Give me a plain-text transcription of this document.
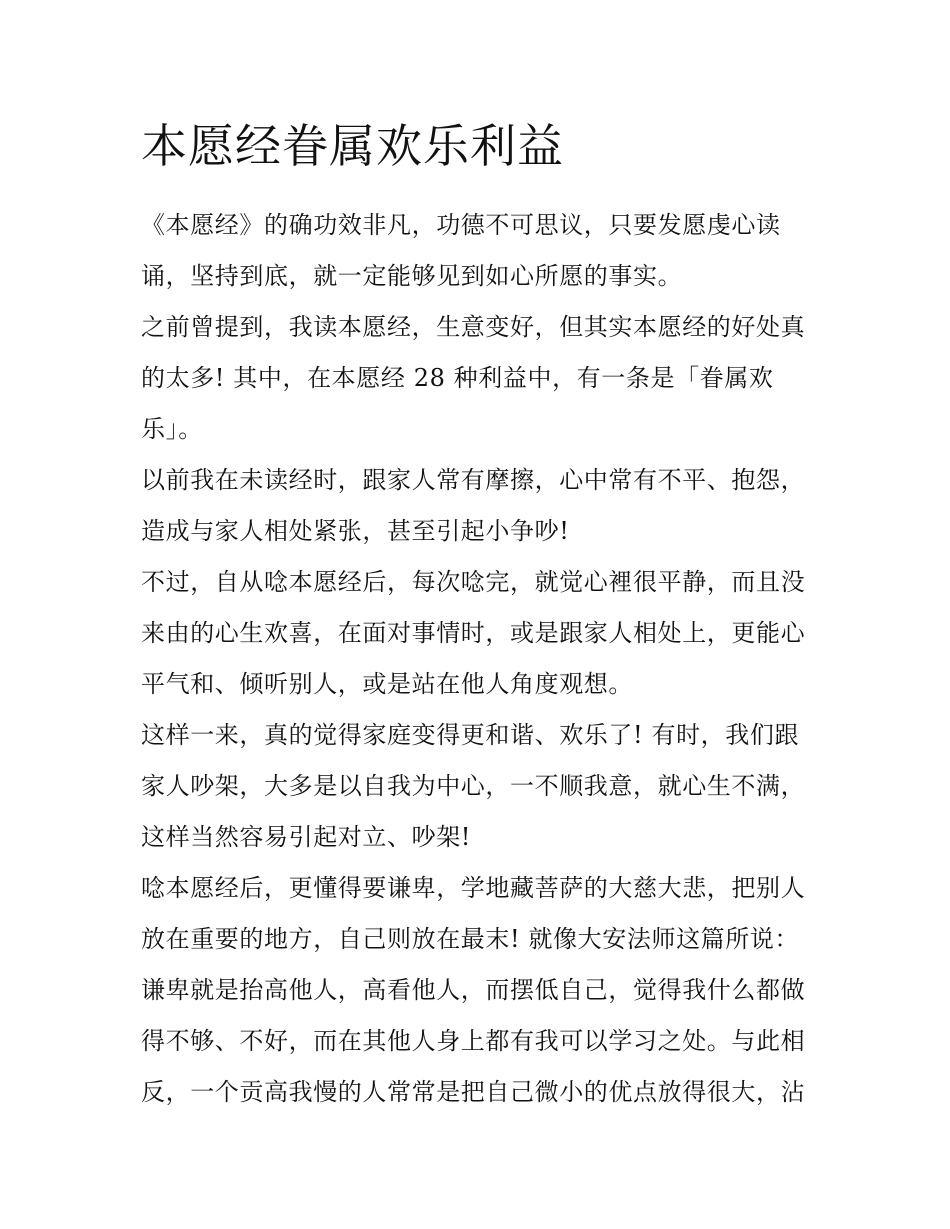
本愿经眷属欢乐利益

《本愿经》的确功效非凡，功德不可思议，只要发愿虔心读诵，坚持到底，就一定能够见到如心所愿的事实。

之前曾提到，我读本愿经，生意变好，但其实本愿经的好处真的太多! 其中，在本愿经 28 种利益中，有一条是「眷属欢乐」。

以前我在未读经时，跟家人常有摩擦，心中常有不平、抱怨，造成与家人相处紧张，甚至引起小争吵!

不过，自从唸本愿经后，每次唸完，就觉心裡很平静，而且没来由的心生欢喜，在面对事情时，或是跟家人相处上，更能心平气和、倾听别人，或是站在他人角度观想。

这样一来，真的觉得家庭变得更和谐、欢乐了! 有时，我们跟家人吵架，大多是以自我为中心，一不顺我意，就心生不满，这样当然容易引起对立、吵架!

唸本愿经后，更懂得要谦卑，学地藏菩萨的大慈大悲，把别人放在重要的地方，自己则放在最末! 就像大安法师这篇所说：

谦卑就是抬高他人，高看他人，而摆低自己，觉得我什么都做得不够、不好，而在其他人身上都有我可以学习之处。与此相反，一个贡高我慢的人常常是把自己微小的优点放得很大，沾
